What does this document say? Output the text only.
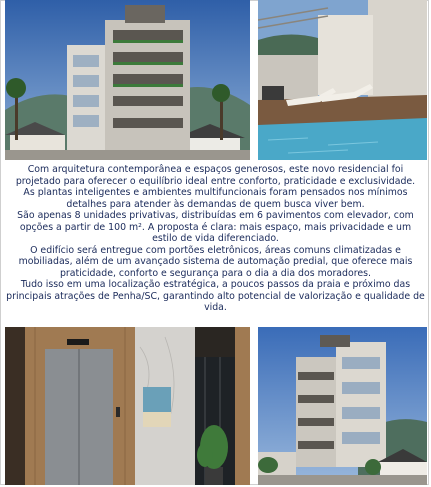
Com arquitetura contemporânea e espaços generosos, este novo residencial foi projetado para oferecer o equilíbrio ideal entre conforto, praticidade e exclusividade.

As plantas inteligentes e ambientes multifuncionais foram pensados nos mínimos detalhes para atender às demandas de quem busca viver bem.

São apenas 8 unidades privativas, distribuídas em 6 pavimentos com elevador, com opções a partir de 100 m². A proposta é clara: mais espaço, mais privacidade e um estilo de vida diferenciado.

O edifício será entregue com portões eletrônicos, áreas comuns climatizadas e mobiliadas, além de um avançado sistema de automação predial, que oferece mais praticidade, conforto e segurança para o dia a dia dos moradores.

Tudo isso em uma localização estratégica, a poucos passos da praia e próximo das principais atrações de Penha/SC, garantindo alto potencial de valorização e qualidade de vida.
